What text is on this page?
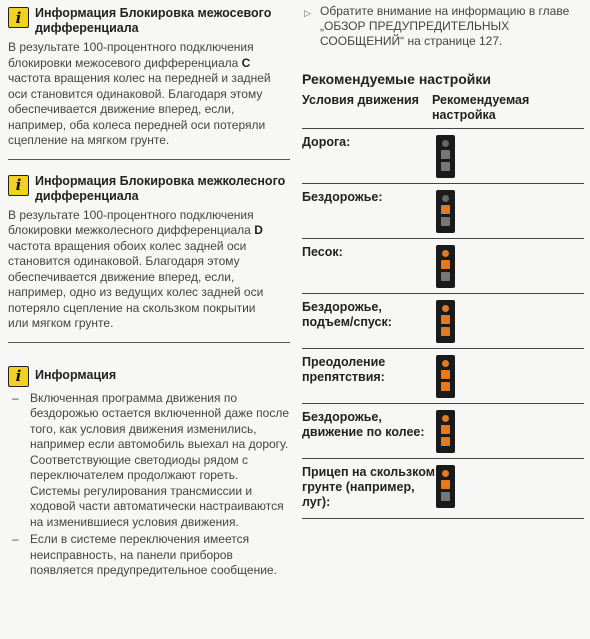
i	Информация Блокировка межосевого дифференциала

В результате 100-процентного подключения
блокировки межосевого дифференциала C
частота вращения колес на передней и задней
оси становится одинаковой. Благодаря этому
обеспечивается движение вперед, если,
например, оба колеса передней оси потеряли
сцепление на мягком грунте.

i	Информация Блокировка межколесного дифференциала

В результате 100-процентного подключения
блокировки межколесного дифференциала D
частота вращения обоих колес задней оси
становится одинаковой. Благодаря этому
обеспечивается движение вперед, если,
например, одно из ведущих колес задней оси
потеряло сцепление на скользком покрытии
или мягком грунте.

i	Информация
– Включенная программа движения по бездорожью остается включенной даже после того, как условия движения изменились, например если автомобиль выехал на дорогу. Соответствующие светодиоды рядом с переключателем продолжают гореть. Системы регулирования трансмиссии и ходовой части автоматически настраиваются на изменившиеся условия движения.
– Если в системе переключения имеется неисправность, на панели приборов появляется предупредительное сообщение.
▷ Обратите внимание на информацию в главе „ОБЗОР ПРЕДУПРЕДИТЕЛЬНЫХ СООБЩЕНИЙ“ на странице 127.
Рекомендуемые настройки
Условия движения	Рекомендуемая настройка
Дорога:
Бездорожье:
Песок:
Бездорожье, подъем/спуск:
Преодоление препятствия:
Бездорожье, движение по колее:
Прицеп на скользком грунте (например, луг):
